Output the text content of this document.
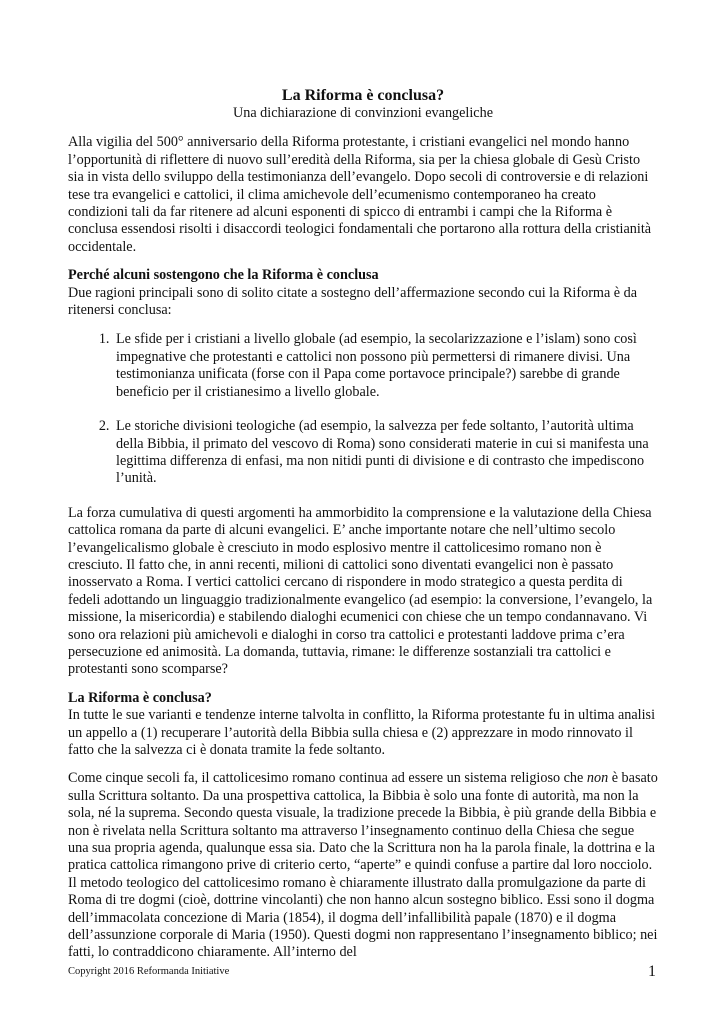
La Riforma è conclusa?
Una dichiarazione di convinzioni evangeliche

Alla vigilia del 500° anniversario della Riforma protestante, i cristiani evangelici nel mondo hanno l’opportunità di riflettere di nuovo sull’eredità della Riforma, sia per la chiesa globale di Gesù Cristo sia in vista dello sviluppo della testimonianza dell’evangelo. Dopo secoli di controversie e di relazioni tese tra evangelici e cattolici, il clima amichevole dell’ecumenismo contemporaneo ha creato condizioni tali da far ritenere ad alcuni esponenti di spicco di entrambi i campi che la Riforma è conclusa essendosi risolti i disaccordi teologici fondamentali che portarono alla rottura della cristianità occidentale.

Perché alcuni sostengono che la Riforma è conclusa
Due ragioni principali sono di solito citate a sostegno dell’affermazione secondo cui la Riforma è da ritenersi conclusa:
1. Le sfide per i cristiani a livello globale (ad esempio, la secolarizzazione e l’islam) sono così impegnative che protestanti e cattolici non possono più permettersi di rimanere divisi. Una testimonianza unificata (forse con il Papa come portavoce principale?) sarebbe di grande beneficio per il cristianesimo a livello globale.
2. Le storiche divisioni teologiche (ad esempio, la salvezza per fede soltanto, l’autorità ultima della Bibbia, il primato del vescovo di Roma) sono considerati materie in cui si manifesta una legittima differenza di enfasi, ma non nitidi punti di divisione e di contrasto che impediscono l’unità.

La forza cumulativa di questi argomenti ha ammorbidito la comprensione e la valutazione della Chiesa cattolica romana da parte di alcuni evangelici. E’ anche importante notare che nell’ultimo secolo l’evangelicalismo globale è cresciuto in modo esplosivo mentre il cattolicesimo romano non è cresciuto. Il fatto che, in anni recenti, milioni di cattolici sono diventati evangelici non è passato inosservato a Roma. I vertici cattolici cercano di rispondere in modo strategico a questa perdita di fedeli adottando un linguaggio tradizionalmente evangelico (ad esempio: la conversione, l’evangelo, la missione, la misericordia) e stabilendo dialoghi ecumenici con chiese che un tempo condannavano. Vi sono ora relazioni più amichevoli e dialoghi in corso tra cattolici e protestanti laddove prima c’era persecuzione ed animosità. La domanda, tuttavia, rimane: le differenze sostanziali tra cattolici e protestanti sono scomparse?

La Riforma è conclusa?

In tutte le sue varianti e tendenze interne talvolta in conflitto, la Riforma protestante fu in ultima analisi un appello a (1) recuperare l’autorità della Bibbia sulla chiesa e (2) apprezzare in modo rinnovato il fatto che la salvezza ci è donata tramite la fede soltanto.

Come cinque secoli fa, il cattolicesimo romano continua ad essere un sistema religioso che non è basato sulla Scrittura soltanto. Da una prospettiva cattolica, la Bibbia è solo una fonte di autorità, ma non la sola, né la suprema. Secondo questa visuale, la tradizione precede la Bibbia, è più grande della Bibbia e non è rivelata nella Scrittura soltanto ma attraverso l’insegnamento continuo della Chiesa che segue una sua propria agenda, qualunque essa sia. Dato che la Scrittura non ha la parola finale, la dottrina e la pratica cattolica rimangono prive di criterio certo, “aperte” e quindi confuse a partire dal loro nocciolo. Il metodo teologico del cattolicesimo romano è chiaramente illustrato dalla promulgazione da parte di Roma di tre dogmi (cioè, dottrine vincolanti) che non hanno alcun sostegno biblico. Essi sono il dogma dell’immacolata concezione di Maria (1854), il dogma dell’infallibilità papale (1870) e il dogma dell’assunzione corporale di Maria (1950). Questi dogmi non rappresentano l’insegnamento biblico; nei fatti, lo contraddicono chiaramente. All’interno del

Copyright 2016 Reformanda Initiative	1
